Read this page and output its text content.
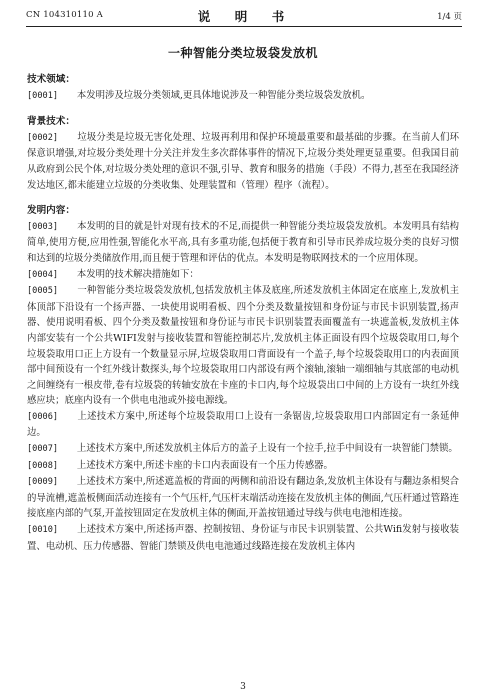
CN 104310110 A	说　明　书	1/4 页
一种智能分类垃圾袋发放机
技术领域：
[0001]　　 本发明涉及垃圾分类领域,更具体地说涉及一种智能分类垃圾袋发放机。
背景技术：
[0002]　　 垃圾分类是垃圾无害化处理、垃圾再利用和保护环境最重要和最基础的步骤。在当前人们环保意识增强,对垃圾分类处理十分关注并发生多次群体事件的情况下,垃圾分类处理更显重要。但我国目前从政府到公民个体,对垃圾分类处理的意识不强,引导、教育和服务的措施（手段）不得力,甚至在我国经济发达地区,都未能建立垃圾的分类收集、处理装置和（管理）程序（流程）。
发明内容：
[0003]　　 本发明的目的就是针对现有技术的不足,而提供一种智能分类垃圾袋发放机。本发明具有结构简单,使用方便,应用性强,智能化水平高,具有多重功能,包括便于教育和引导市民养成垃圾分类的良好习惯和达到的垃圾分类储放作用,而且便于管理和评估的优点。本发明是物联网技术的一个应用体现。
[0004]　　 本发明的技术解决措施如下：
[0005]　　 一种智能分类垃圾袋发放机,包括发放机主体及底座,所述发放机主体固定在底座上,发放机主体顶部下沿设有一个扬声器、一块使用说明看板、四个分类及数量按钮和身份证与市民卡识别装置,扬声器、使用说明看板、四个分类及数量按钮和身份证与市民卡识别装置表面覆盖有一块遮盖板,发放机主体内部安装有一个公共WIFI发射与接收装置和智能控制芯片,发放机主体正面设有四个垃圾袋取用口,每个垃圾袋取用口正上方设有一个数量显示屏,垃圾袋取用口背面设有一个盖子,每个垃圾袋取用口的内表面顶部中间预设有一个红外线计数探头,每个垃圾袋取用口内部设有两个滚轴,滚轴一端细轴与其底部的电动机之间缠绕有一根皮带,卷有垃圾袋的转轴安放在卡座的卡口内,每个垃圾袋出口中间的上方设有一块红外线感应块；底座内设有一个供电电池或外接电源线。
[0006]　　 上述技术方案中,所述每个垃圾袋取用口上设有一条锯齿,垃圾袋取用口内部固定有一条延伸边。
[0007]　　 上述技术方案中,所述发放机主体后方的盖子上设有一个拉手,拉手中间设有一块智能门禁锁。
[0008]　　 上述技术方案中,所述卡座的卡口内表面设有一个压力传感器。
[0009]　　 上述技术方案中,所述遮盖板的背面的两侧和前沿设有翻边条,发放机主体设有与翻边条相契合的导流槽,遮盖板侧面活动连接有一个气压杆,气压杆末端活动连接在发放机主体的侧面,气压杆通过管路连接底座内部的气泵,开盖按钮固定在发放机主体的侧面,开盖按钮通过导线与供电电池相连接。
[0010]　　 上述技术方案中,所述扬声器、控制按钮、身份证与市民卡识别装置、公共Wifi发射与接收装置、电动机、压力传感器、智能门禁锁及供电电池通过线路连接在发放机主体内
3
